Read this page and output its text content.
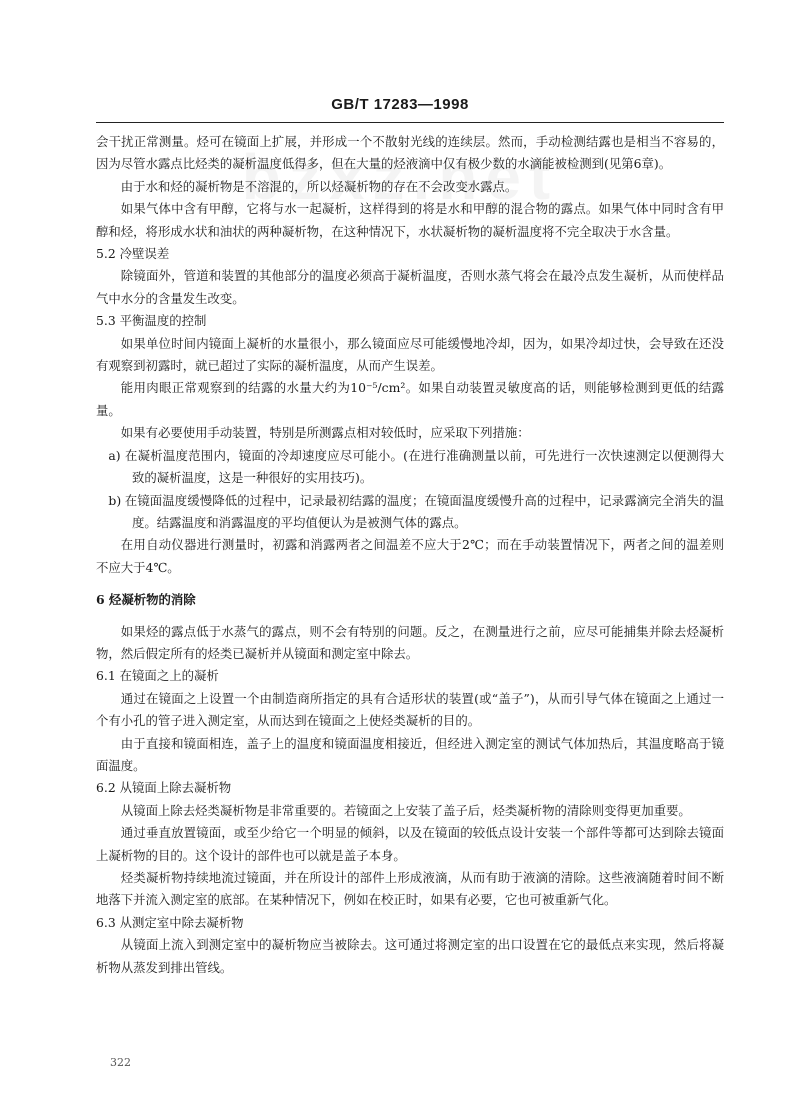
GB/T 17283—1998

会干扰正常测量。烃可在镜面上扩展，并形成一个不散射光线的连续层。然而，手动检测结露也是相当不容易的，因为尽管水露点比烃类的凝析温度低得多，但在大量的烃液滴中仅有极少数的水滴能被检测到(见第6章)。

由于水和烃的凝析物是不溶混的，所以烃凝析物的存在不会改变水露点。

如果气体中含有甲醇，它将与水一起凝析，这样得到的将是水和甲醇的混合物的露点。如果气体中同时含有甲醇和烃，将形成水状和油状的两种凝析物，在这种情况下，水状凝析物的凝析温度将不完全取决于水含量。

5.2 冷壁误差

除镜面外，管道和装置的其他部分的温度必须高于凝析温度，否则水蒸气将会在最冷点发生凝析，从而使样品气中水分的含量发生改变。

5.3 平衡温度的控制

如果单位时间内镜面上凝析的水量很小，那么镜面应尽可能缓慢地冷却，因为，如果冷却过快，会导致在还没有观察到初露时，就已超过了实际的凝析温度，从而产生误差。

能用肉眼正常观察到的结露的水量大约为10⁻⁵/cm²。如果自动装置灵敏度高的话，则能够检测到更低的结露量。

如果有必要使用手动装置，特别是所测露点相对较低时，应采取下列措施：

a) 在凝析温度范围内，镜面的冷却速度应尽可能小。(在进行准确测量以前，可先进行一次快速测定以便测得大致的凝析温度，这是一种很好的实用技巧)。

b) 在镜面温度缓慢降低的过程中，记录最初结露的温度；在镜面温度缓慢升高的过程中，记录露滴完全消失的温度。结露温度和消露温度的平均值便认为是被测气体的露点。

在用自动仪器进行测量时，初露和消露两者之间温差不应大于2℃；而在手动装置情况下，两者之间的温差则不应大于4℃。

6 烃凝析物的消除

如果烃的露点低于水蒸气的露点，则不会有特别的问题。反之，在测量进行之前，应尽可能捕集并除去烃凝析物，然后假定所有的烃类已凝析并从镜面和测定室中除去。

6.1 在镜面之上的凝析

通过在镜面之上设置一个由制造商所指定的具有合适形状的装置(或“盖子”)，从而引导气体在镜面之上通过一个有小孔的管子进入测定室，从而达到在镜面之上使烃类凝析的目的。

由于直接和镜面相连，盖子上的温度和镜面温度相接近，但经进入测定室的测试气体加热后，其温度略高于镜面温度。

6.2 从镜面上除去凝析物

从镜面上除去烃类凝析物是非常重要的。若镜面之上安装了盖子后，烃类凝析物的清除则变得更加重要。

通过垂直放置镜面，或至少给它一个明显的倾斜，以及在镜面的较低点设计安装一个部件等都可达到除去镜面上凝析物的目的。这个设计的部件也可以就是盖子本身。

烃类凝析物持续地流过镜面，并在所设计的部件上形成液滴，从而有助于液滴的清除。这些液滴随着时间不断地落下并流入测定室的底部。在某种情况下，例如在校正时，如果有必要，它也可被重新气化。

6.3 从测定室中除去凝析物

从镜面上流入到测定室中的凝析物应当被除去。这可通过将测定室的出口设置在它的最低点来实现，然后将凝析物从蒸发到排出管线。

322
